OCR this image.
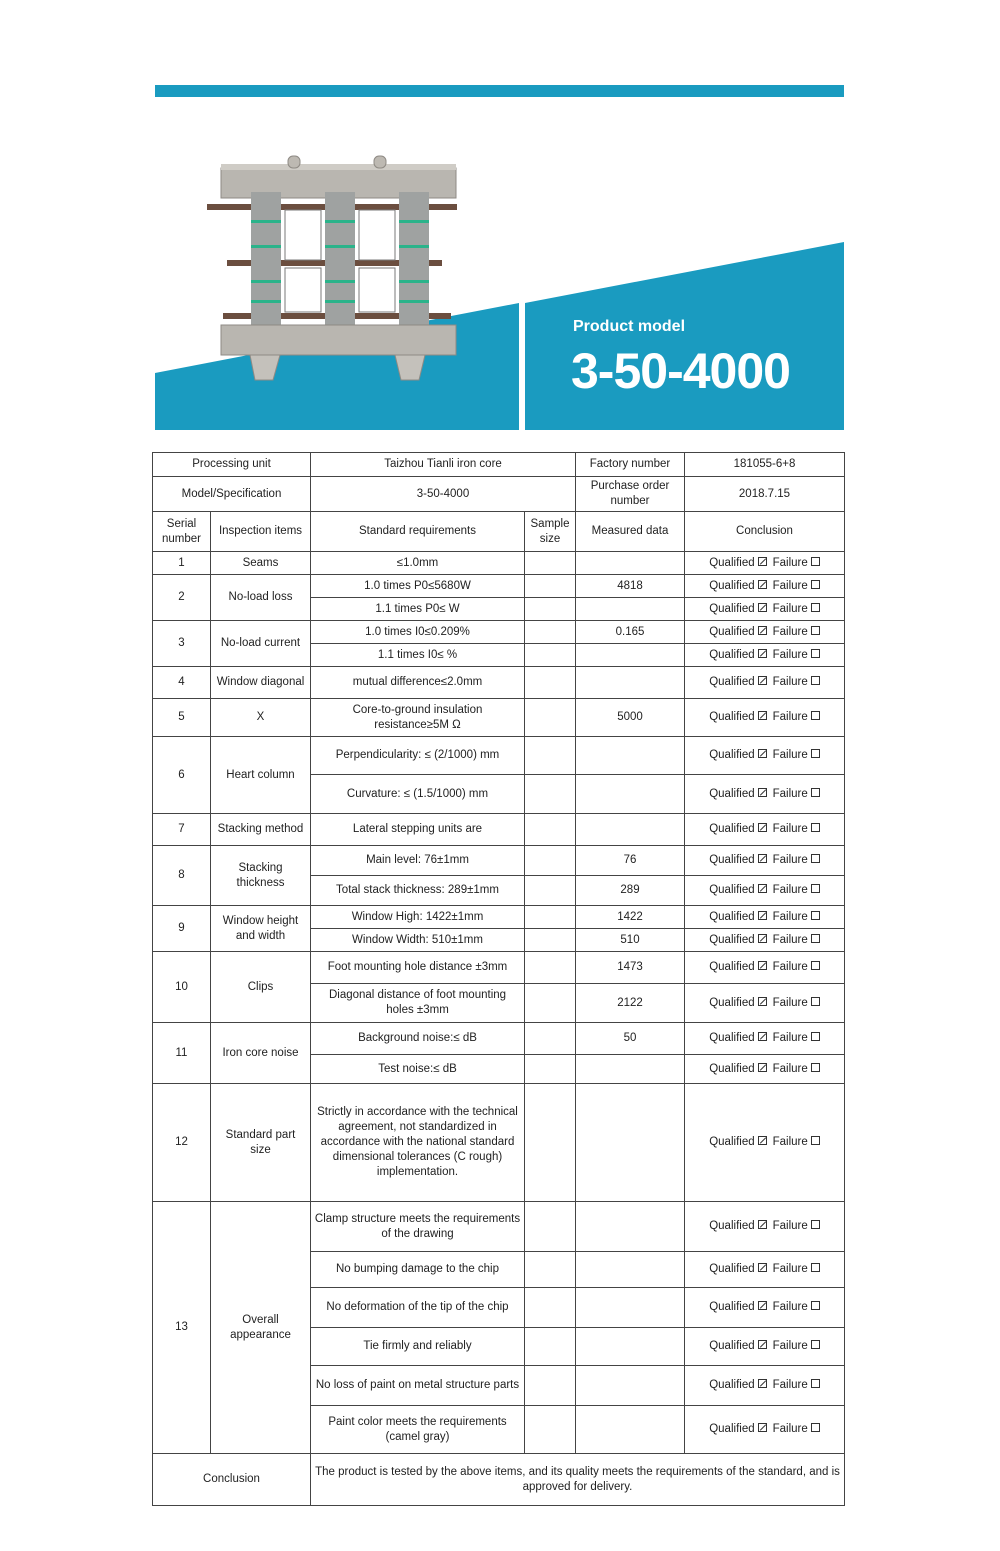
Product model
3-50-4000
Processing unit		Taizhou Tianli iron core		Factory number	181055-6+8
Model/Specification		3-50-4000		Purchase order number	2018.7.15
Serial number	Inspection items	Standard requirements	Sample size	Measured data	Conclusion
1	Seams	≤1.0mm			Qualified Failure
2	No-load loss	1.0 times P0≤5680W		4818	Qualified Failure
		1.1 times P0≤ W			Qualified Failure
3	No-load current	1.0 times I0≤0.209%		0.165	Qualified Failure
		1.1 times I0≤ %			Qualified Failure
4	Window diagonal	mutual difference≤2.0mm			Qualified Failure
5	X	Core-to-ground insulation resistance≥5M Ω		5000	Qualified Failure
6	Heart column	Perpendicularity: ≤ (2/1000) mm			Qualified Failure
		Curvature: ≤ (1.5/1000) mm			Qualified Failure
7	Stacking method	Lateral stepping units are			Qualified Failure
8	Stacking thickness	Main level: 76±1mm		76	Qualified Failure
		Total stack thickness: 289±1mm		289	Qualified Failure
9	Window height and width	Window High: 1422±1mm		1422	Qualified Failure
		Window Width: 510±1mm		510	Qualified Failure
10	Clips	Foot mounting hole distance ±3mm		1473	Qualified Failure
		Diagonal distance of foot mounting holes ±3mm		2122	Qualified Failure
11	Iron core noise	Background noise:≤ dB		50	Qualified Failure
		Test noise:≤ dB			Qualified Failure
12	Standard part size	Strictly in accordance with the technical agreement, not standardized in accordance with the national standard dimensional tolerances (C rough) implementation.			Qualified Failure
13	Overall appearance	Clamp structure meets the requirements of the drawing			Qualified Failure
		No bumping damage to the chip			Qualified Failure
		No deformation of the tip of the chip			Qualified Failure
		Tie firmly and reliably			Qualified Failure
		No loss of paint on metal structure parts			Qualified Failure
		Paint color meets the requirements (camel gray)			Qualified Failure
Conclusion		The product is tested by the above items, and its quality meets the requirements of the standard, and is approved for delivery.			
